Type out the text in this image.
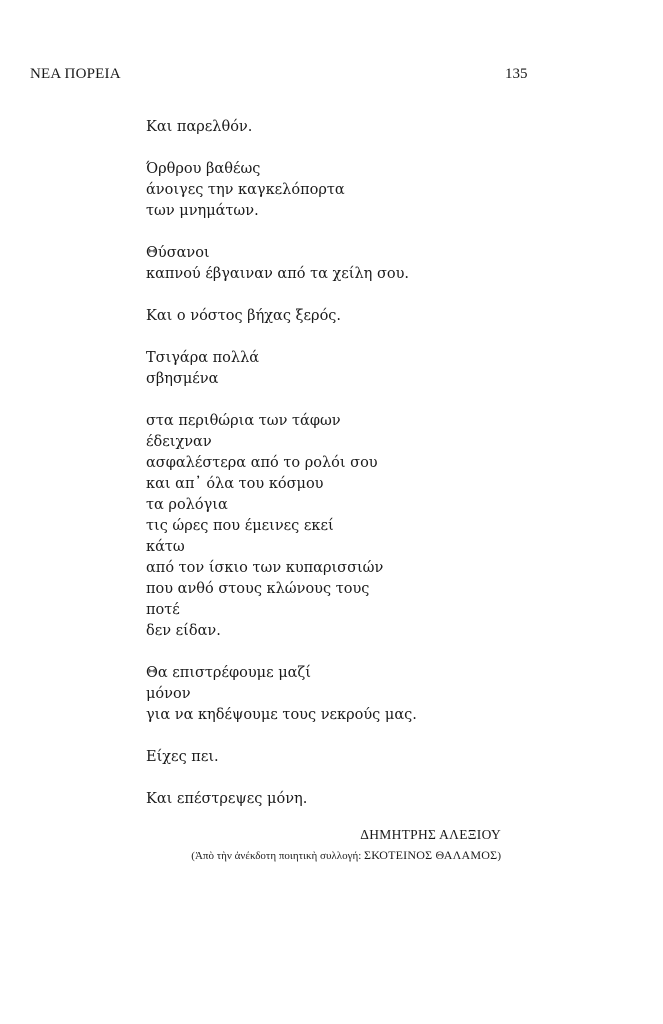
ΝΕΑ ΠΟΡΕΙΑ	135
Και παρελθόν.
Όρθρου βαθέως
άνοιγες την καγκελόπορτα
των μνημάτων.
Θύσανοι
καπνού έβγαιναν από τα χείλη σου.
Και ο νόστος βήχας ξερός.
Τσιγάρα πολλά
σβησμένα
στα περιθώρια των τάφων
έδειχναν
ασφαλέστερα από το ρολόι σου
και απ᾽ όλα του κόσμου
τα ρολόγια
τις ώρες που έμεινες εκεί
κάτω
από τον ίσκιο των κυπαρισσιών
που ανθό στους κλώνους τους
ποτέ
δεν είδαν.
Θα επιστρέφουμε μαζί
μόνον
για να κηδέψουμε τους νεκρούς μας.
Είχες πει.
Και επέστρεψες μόνη.
ΔΗΜΗΤΡΗΣ ΑΛΕΞΙΟΥ
(Ἀπὸ τὴν ἀνέκδοτη ποιητικὴ συλλογή: ΣΚΟΤΕΙΝΟΣ ΘΑΛΑΜΟΣ)
